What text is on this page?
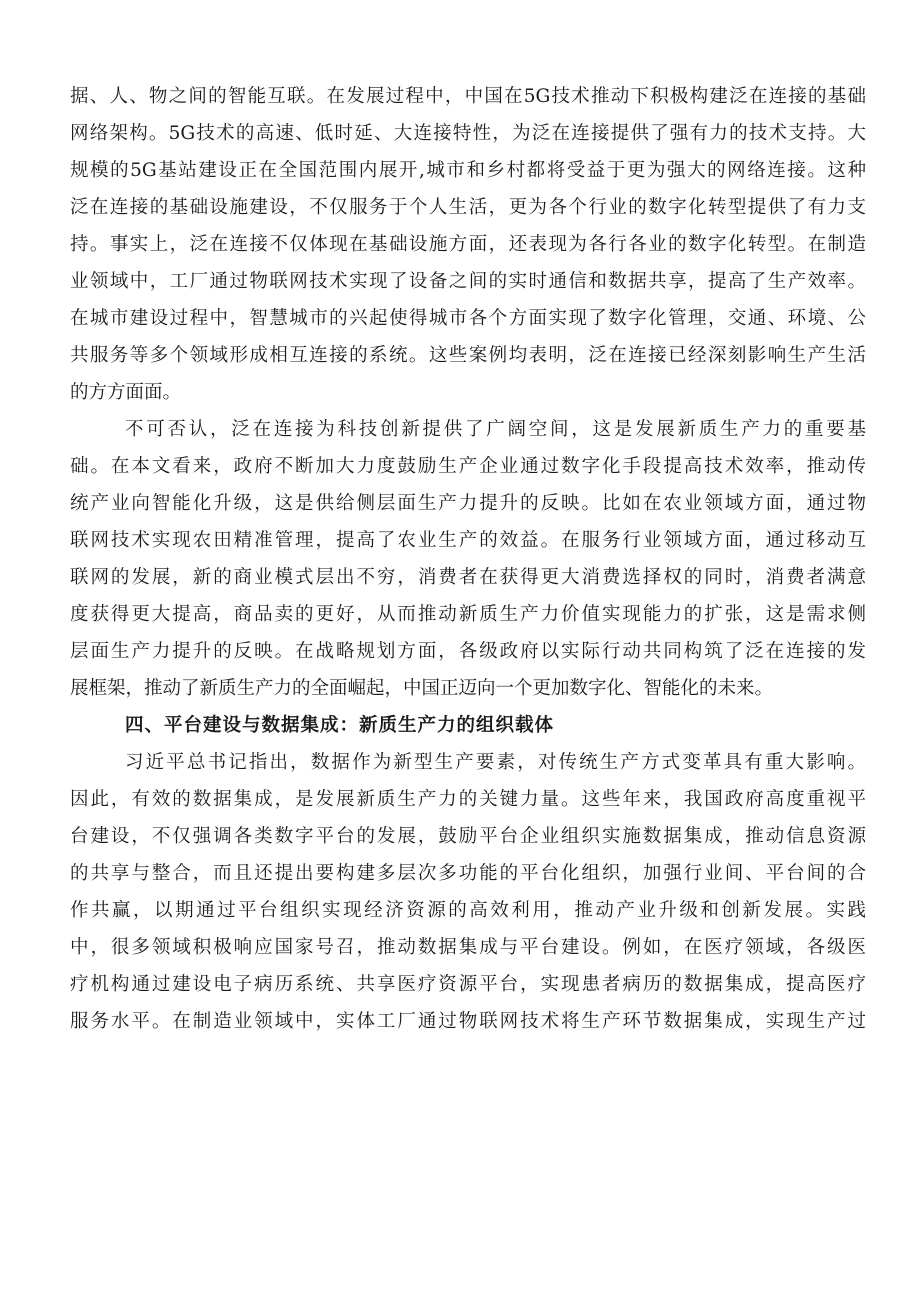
据、人、物之间的智能互联。在发展过程中，中国在5G技术推动下积极构建泛在连接的基础
网络架构。5G技术的高速、低时延、大连接特性，为泛在连接提供了强有力的技术支持。大
规模的5G基站建设正在全国范围内展开,城市和乡村都将受益于更为强大的网络连接。这种
泛在连接的基础设施建设，不仅服务于个人生活，更为各个行业的数字化转型提供了有力支
持。事实上，泛在连接不仅体现在基础设施方面，还表现为各行各业的数字化转型。在制造
业领域中，工厂通过物联网技术实现了设备之间的实时通信和数据共享，提高了生产效率。
在城市建设过程中，智慧城市的兴起使得城市各个方面实现了数字化管理，交通、环境、公
共服务等多个领域形成相互连接的系统。这些案例均表明，泛在连接已经深刻影响生产生活
的方方面面。
不可否认，泛在连接为科技创新提供了广阔空间，这是发展新质生产力的重要基
础。在本文看来，政府不断加大力度鼓励生产企业通过数字化手段提高技术效率，推动传
统产业向智能化升级，这是供给侧层面生产力提升的反映。比如在农业领域方面，通过物
联网技术实现农田精准管理，提高了农业生产的效益。在服务行业领域方面，通过移动互
联网的发展，新的商业模式层出不穷，消费者在获得更大消费选择权的同时，消费者满意
度获得更大提高，商品卖的更好，从而推动新质生产力价值实现能力的扩张，这是需求侧
层面生产力提升的反映。在战略规划方面，各级政府以实际行动共同构筑了泛在连接的发
展框架，推动了新质生产力的全面崛起，中国正迈向一个更加数字化、智能化的未来。
四、平台建设与数据集成：新质生产力的组织载体
习近平总书记指出，数据作为新型生产要素，对传统生产方式变革具有重大影响。
因此，有效的数据集成，是发展新质生产力的关键力量。这些年来，我国政府高度重视平
台建设，不仅强调各类数字平台的发展，鼓励平台企业组织实施数据集成，推动信息资源
的共享与整合，而且还提出要构建多层次多功能的平台化组织，加强行业间、平台间的合
作共赢，以期通过平台组织实现经济资源的高效利用，推动产业升级和创新发展。实践
中，很多领域积极响应国家号召，推动数据集成与平台建设。例如，在医疗领域，各级医
疗机构通过建设电子病历系统、共享医疗资源平台，实现患者病历的数据集成，提高医疗
服务水平。在制造业领域中，实体工厂通过物联网技术将生产环节数据集成，实现生产过
